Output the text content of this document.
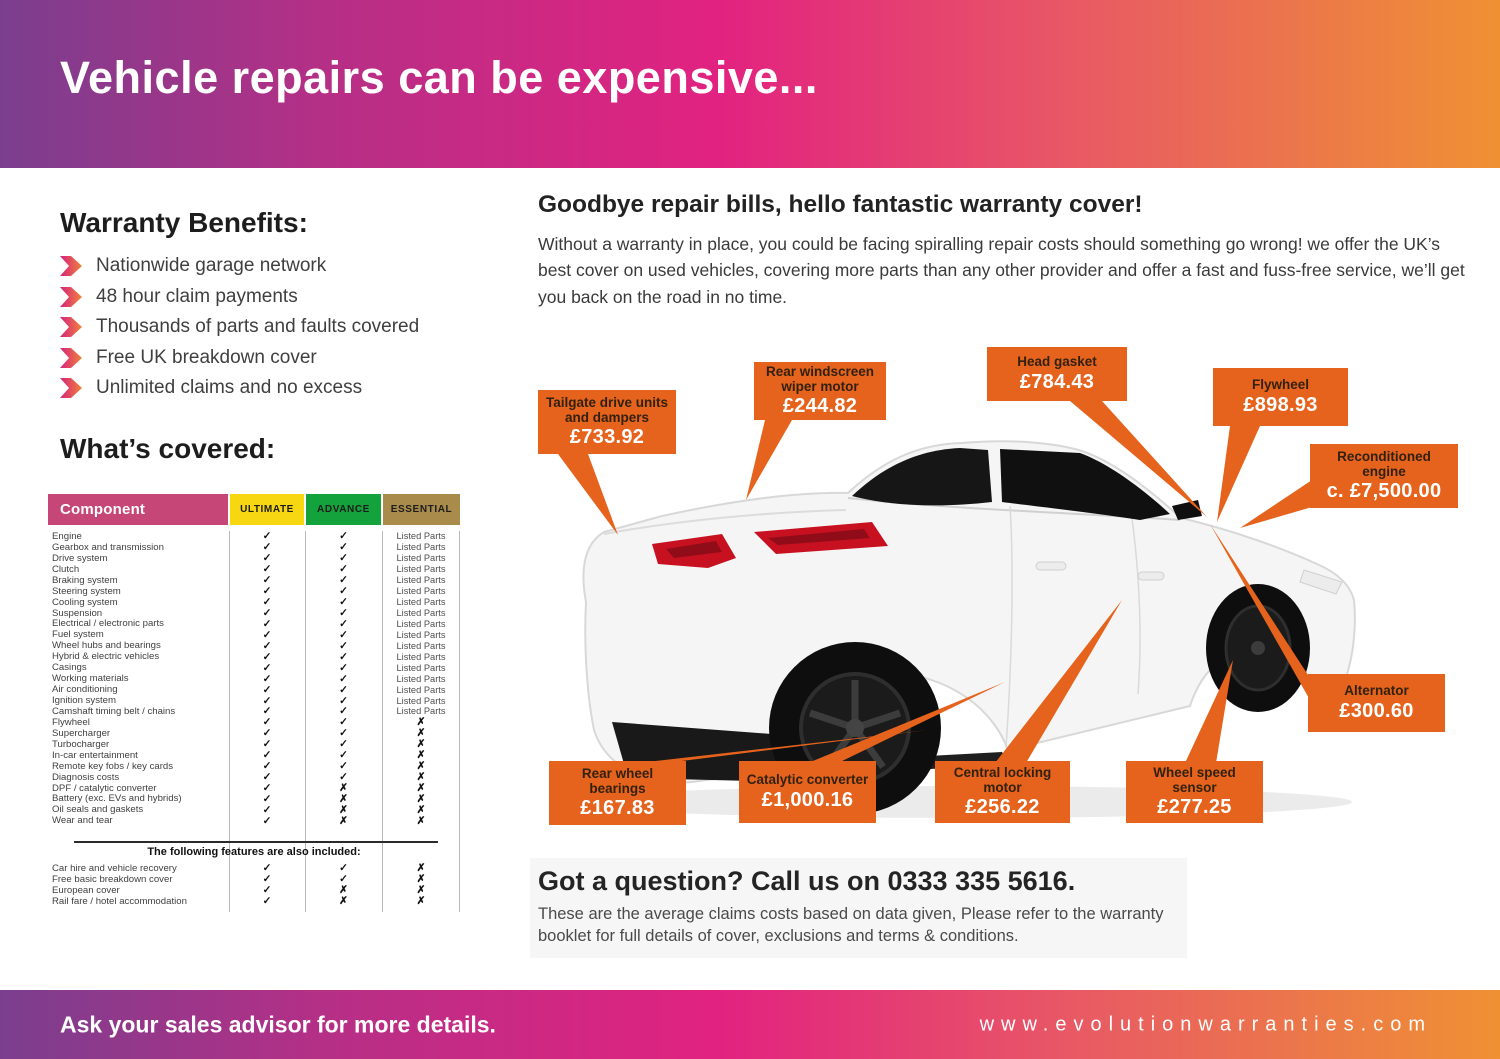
Vehicle repairs can be expensive...
Warranty Benefits:
Nationwide garage network
48 hour claim payments
Thousands of parts and faults covered
Free UK breakdown cover
Unlimited claims and no excess
What’s covered:
Component	ULTIMATE	ADVANCE	ESSENTIAL
Engine	✓	✓	Listed Parts
Gearbox and transmission	✓	✓	Listed Parts
Drive system	✓	✓	Listed Parts
Clutch	✓	✓	Listed Parts
Braking system	✓	✓	Listed Parts
Steering system	✓	✓	Listed Parts
Cooling system	✓	✓	Listed Parts
Suspension	✓	✓	Listed Parts
Electrical / electronic parts	✓	✓	Listed Parts
Fuel system	✓	✓	Listed Parts
Wheel hubs and bearings	✓	✓	Listed Parts
Hybrid & electric vehicles	✓	✓	Listed Parts
Casings	✓	✓	Listed Parts
Working materials	✓	✓	Listed Parts
Air conditioning	✓	✓	Listed Parts
Ignition system	✓	✓	Listed Parts
Camshaft timing belt / chains	✓	✓	Listed Parts
Flywheel	✓	✓	✗
Supercharger	✓	✓	✗
Turbocharger	✓	✓	✗
In-car entertainment	✓	✓	✗
Remote key fobs / key cards	✓	✓	✗
Diagnosis costs	✓	✓	✗
DPF / catalytic converter	✓	✗	✗
Battery (exc. EVs and hybrids)	✓	✗	✗
Oil seals and gaskets	✓	✗	✗
Wear and tear	✓	✗	✗
The following features are also included:
Car hire and vehicle recovery	✓	✓	✗
Free basic breakdown cover	✓	✓	✗
European cover	✓	✗	✗
Rail fare / hotel accommodation	✓	✗	✗
Goodbye repair bills, hello fantastic warranty cover!
Without a warranty in place, you could be facing spiralling repair costs should something go wrong! we offer the UK’s best cover on used vehicles, covering more parts than any other provider and offer a fast and fuss-free service, we’ll get you back on the road in no time.
Got a question? Call us on 0333 335 5616.
These are the average claims costs based on data given, Please refer to the warranty booklet for full details of cover, exclusions and terms & conditions.
Tailgate drive units and dampers
£733.92
Rear windscreen wiper motor
£244.82
Head gasket
£784.43	Flywheel
£898.93
Reconditioned engine
c. £7,500.00
Alternator
£300.60
Wheel speed sensor
£277.25
Central locking motor
£256.22
Catalytic converter
£1,000.16
Rear wheel bearings
£167.83
Ask your sales advisor for more details.	www.evolutionwarranties.com
